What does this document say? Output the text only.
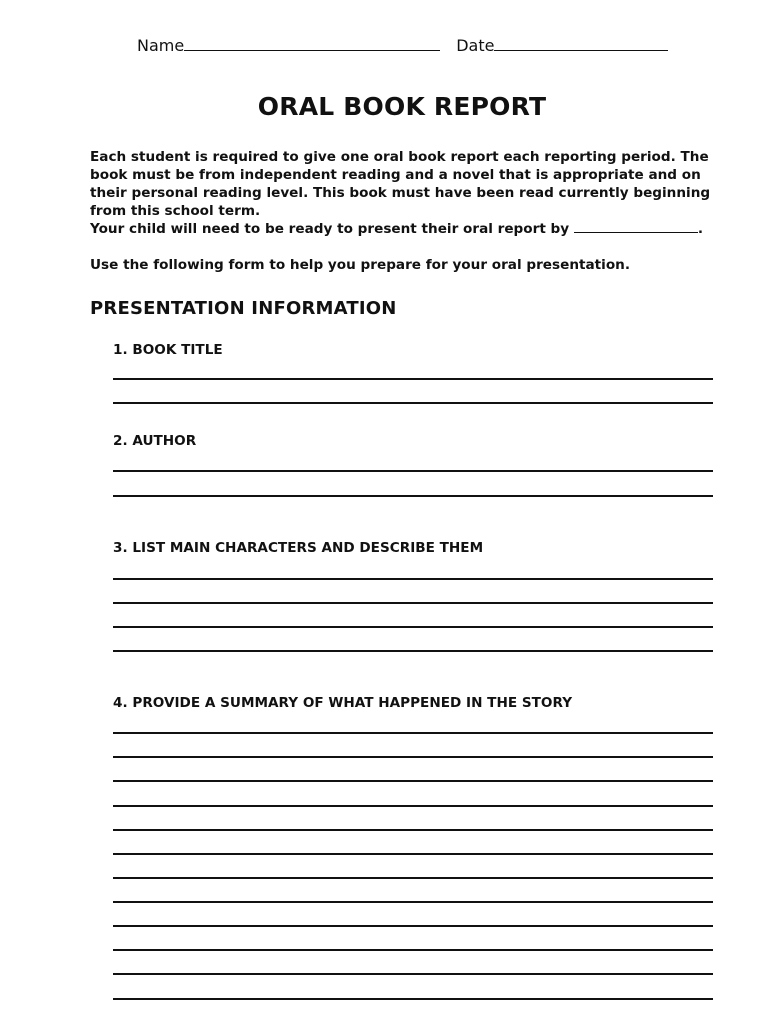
Name	Date
ORAL BOOK REPORT

Each student is required to give one oral book report each reporting period. The book must be from independent reading and a novel that is appropriate and on their personal reading level. This book must have been read currently beginning from this school term.

Your child will need to be ready to present their oral report by	.

Use the following form to help you prepare for your oral presentation.

PRESENTATION INFORMATION
1. BOOK TITLE
2. AUTHOR
3. LIST MAIN CHARACTERS AND DESCRIBE THEM
4. PROVIDE A SUMMARY OF WHAT HAPPENED IN THE STORY
